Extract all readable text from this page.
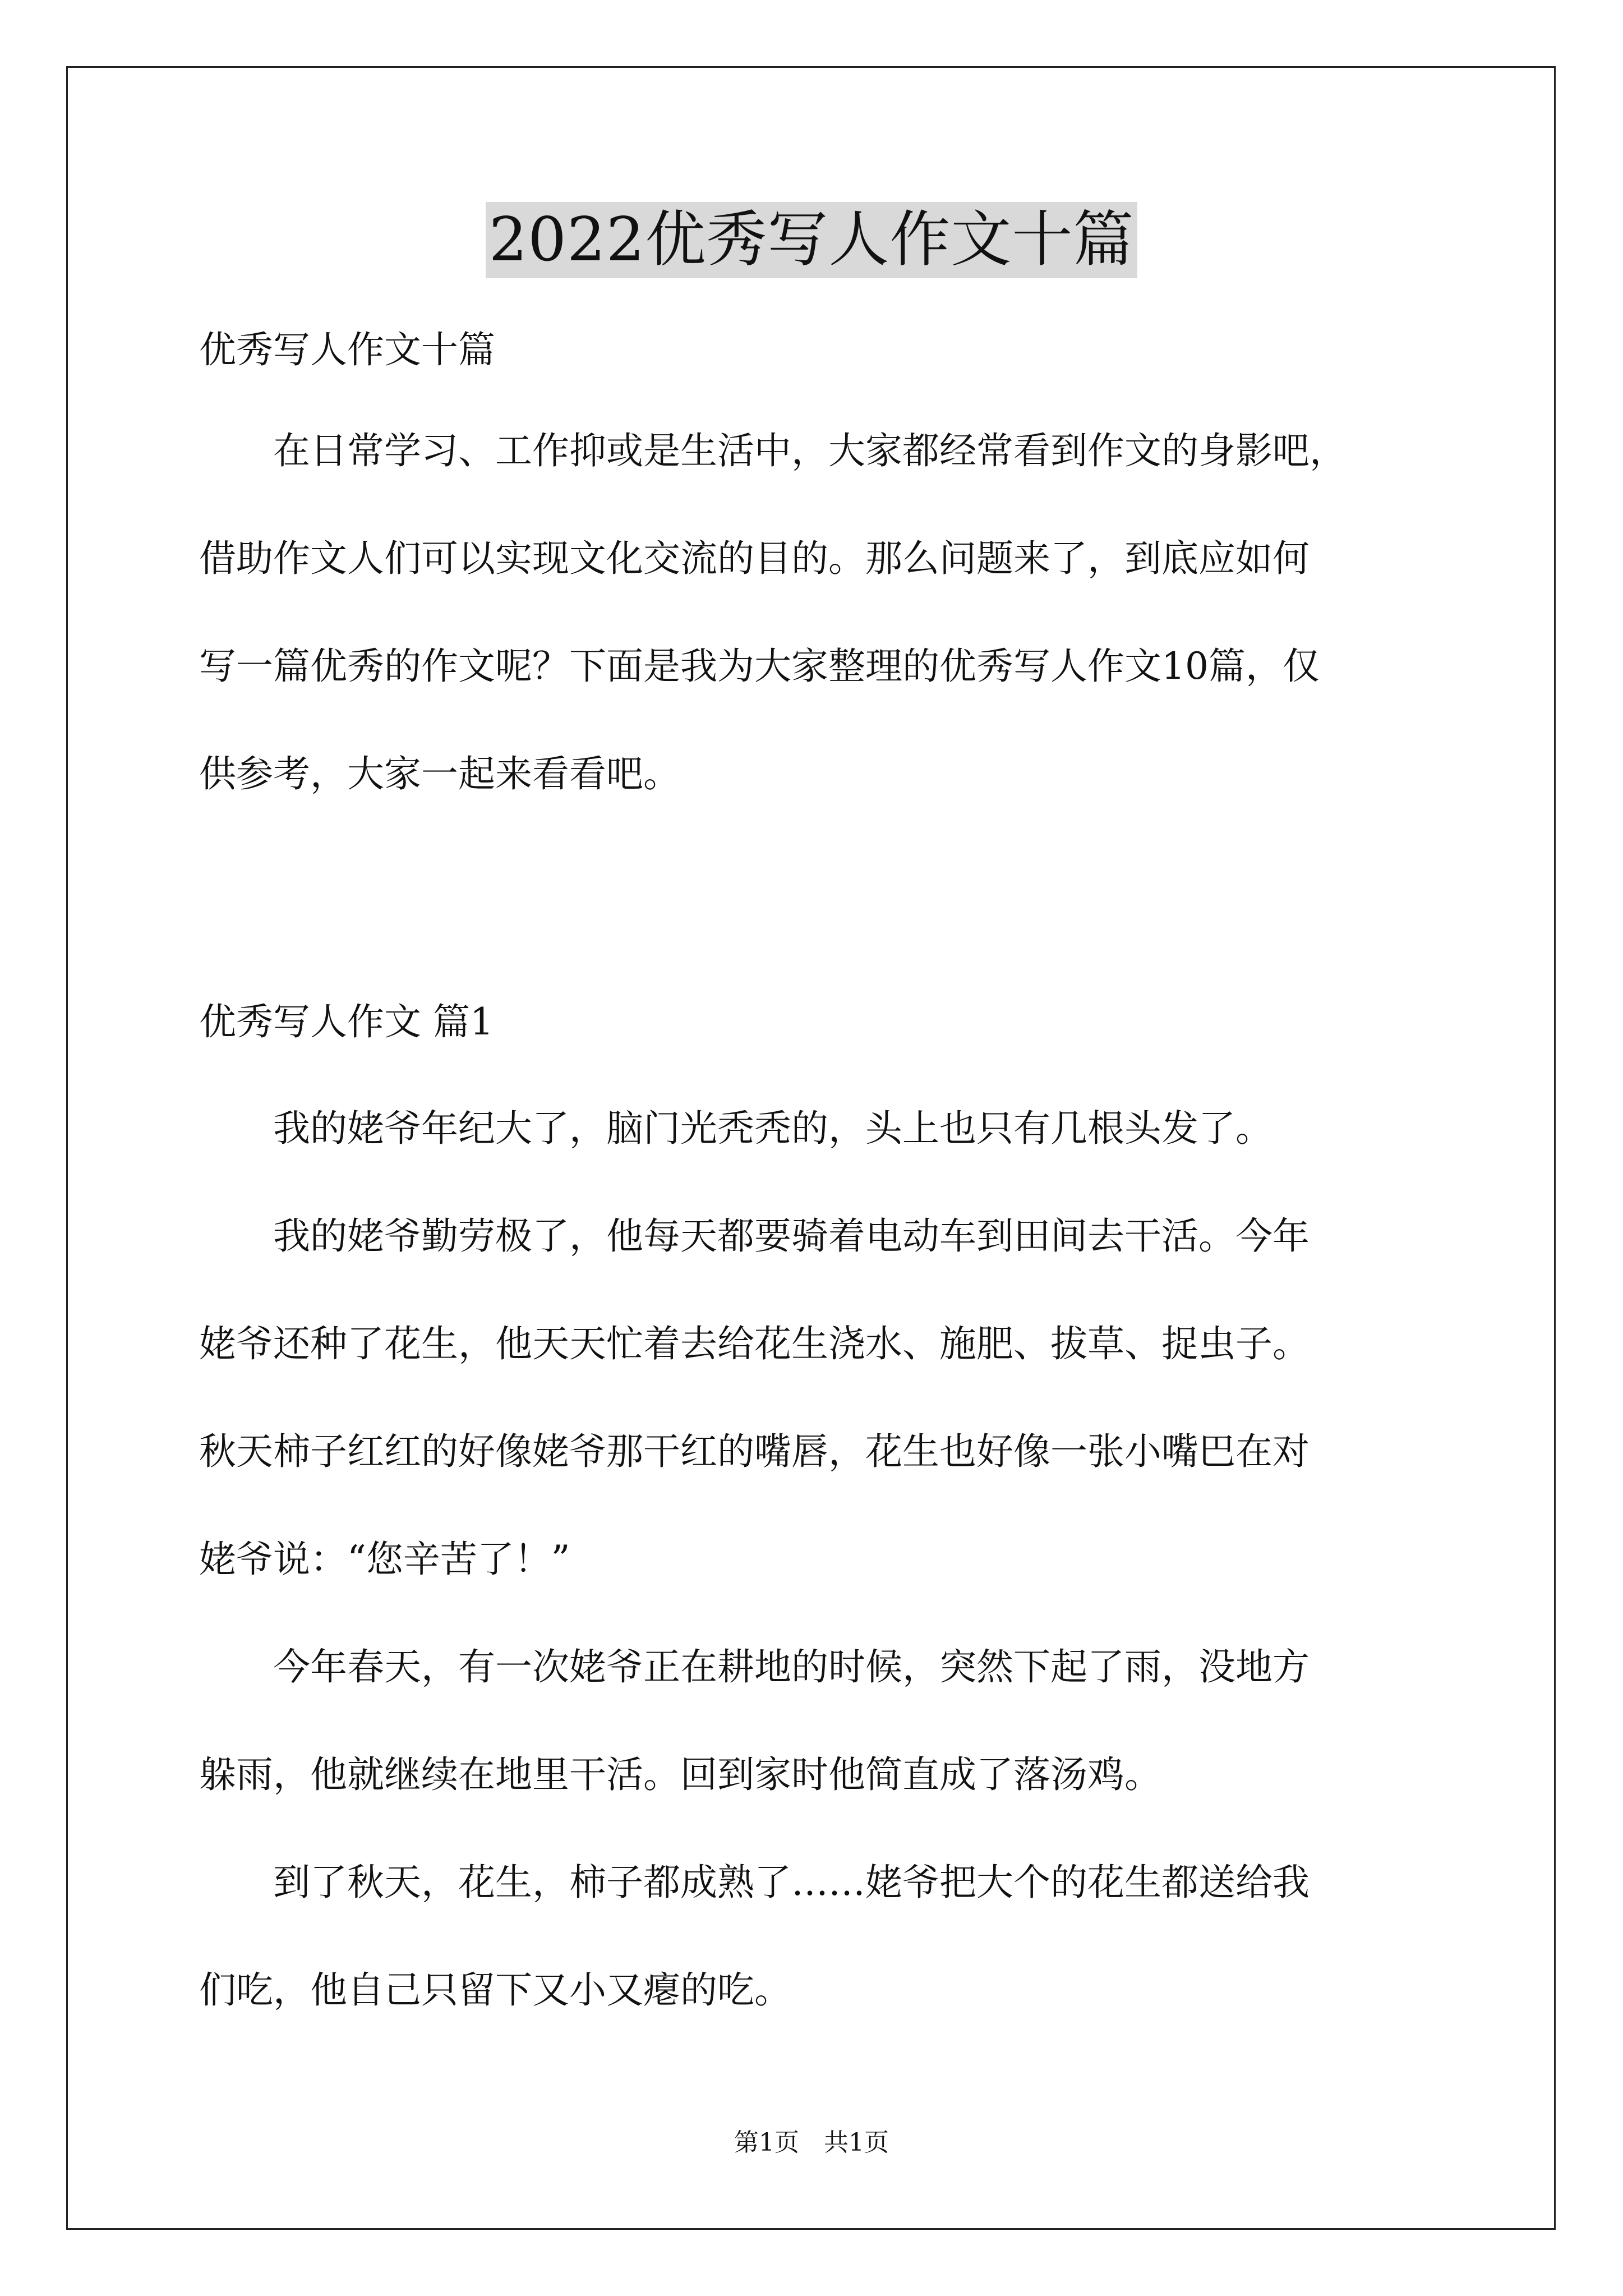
2022优秀写人作文十篇
优秀写人作文十篇
　　在日常学习、工作抑或是生活中，大家都经常看到作文的身影吧，
借助作文人们可以实现文化交流的目的。那么问题来了，到底应如何
写一篇优秀的作文呢？下面是我为大家整理的优秀写人作文10篇，仅
供参考，大家一起来看看吧。
优秀写人作文 篇1
　　我的姥爷年纪大了，脑门光秃秃的，头上也只有几根头发了。
　　我的姥爷勤劳极了，他每天都要骑着电动车到田间去干活。今年
姥爷还种了花生，他天天忙着去给花生浇水、施肥、拔草、捉虫子。
秋天柿子红红的好像姥爷那干红的嘴唇，花生也好像一张小嘴巴在对
姥爷说：“您辛苦了！”
　　今年春天，有一次姥爷正在耕地的时候，突然下起了雨，没地方
躲雨，他就继续在地里干活。回到家时他简直成了落汤鸡。
　　到了秋天，花生，柿子都成熟了……姥爷把大个的花生都送给我
们吃，他自己只留下又小又瘪的吃。
第1页　共1页
